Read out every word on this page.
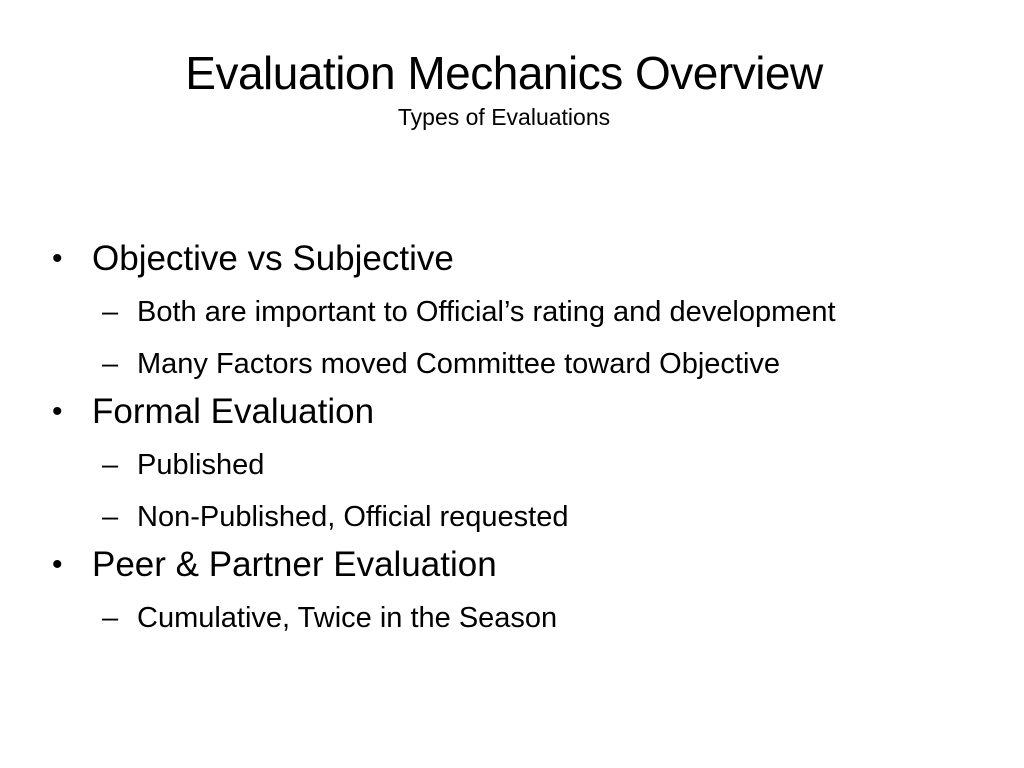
Evaluation Mechanics Overview
Types of Evaluations
• Objective vs Subjective
– Both are important to Official’s rating and development
– Many Factors moved Committee toward Objective
• Formal Evaluation
– Published
– Non-Published, Official requested
• Peer & Partner Evaluation
– Cumulative, Twice in the Season
